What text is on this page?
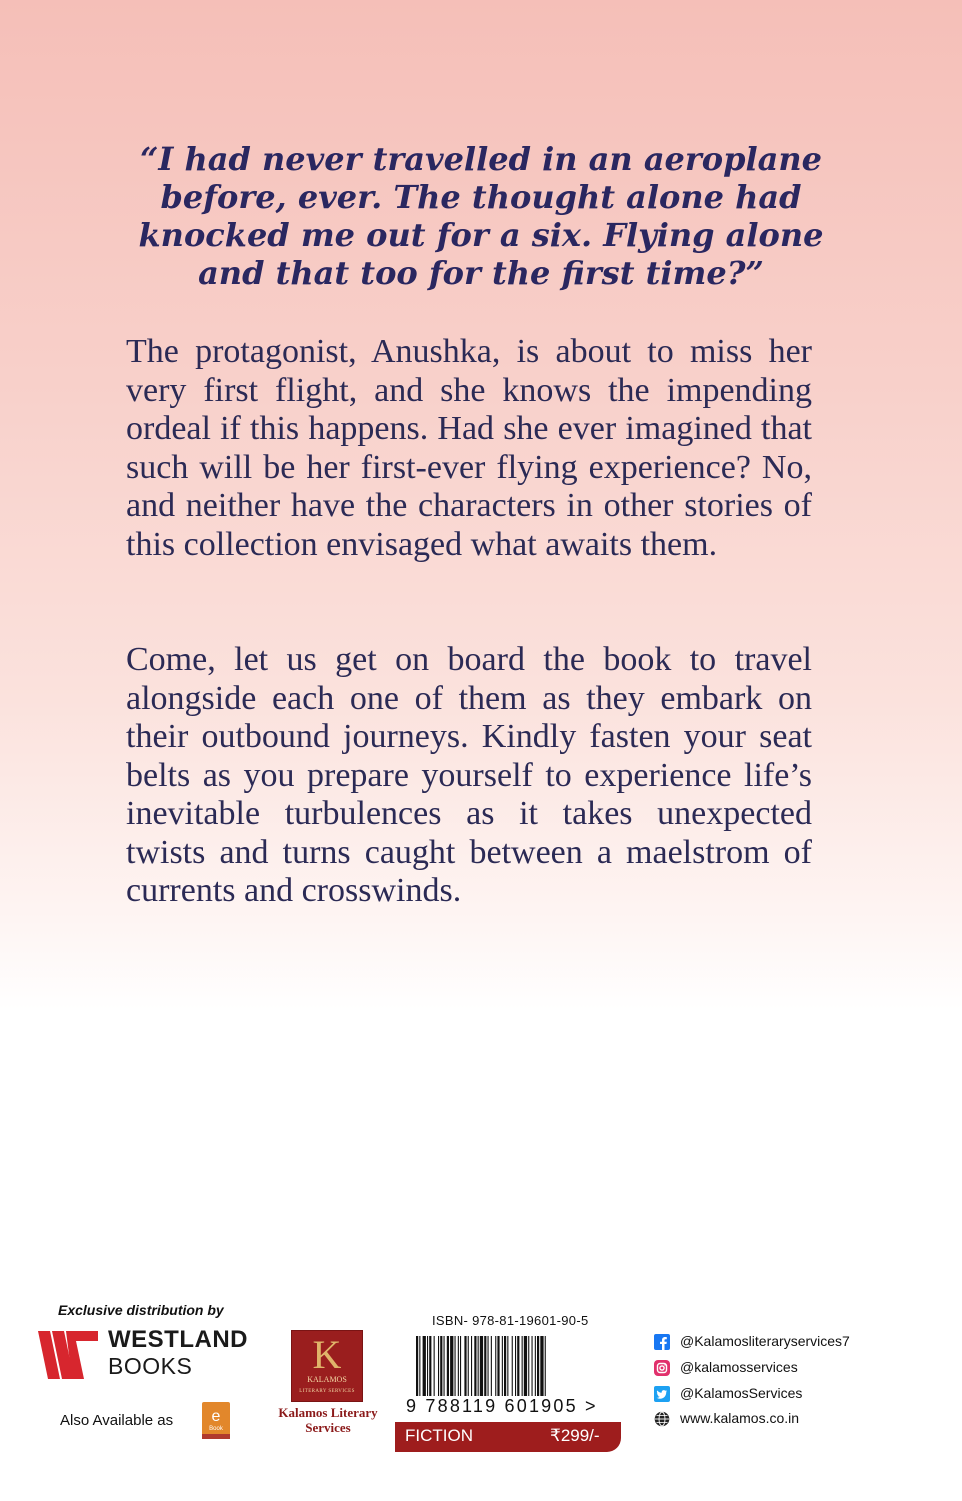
“I had never travelled in an aeroplane before, ever. The thought alone had knocked me out for a six. Flying alone and that too for the first time?”

The protagonist, Anushka, is about to miss her very first flight, and she knows the impending ordeal if this happens. Had she ever imagined that such will be her first-ever flying experience? No, and neither have the characters in other stories of this collection envisaged what awaits them.

Come, let us get on board the book to travel alongside each one of them as they embark on their outbound journeys. Kindly fasten your seat belts as you prepare yourself to experience life’s inevitable turbulences as it takes unexpected twists and turns caught between a maelstrom of currents and crosswinds.

Exclusive distribution by
WESTLAND
BOOKS
Also Available as e
Book
K
KALAMOS
LITERARY SERVICES
Kalamos Literary Services
ISBN- 978-81-19601-90-5
9 788119 601905 >
FICTION	₹299/-
@Kalamosliteraryservices7
@kalamosservices
@KalamosServices
www.kalamos.co.in
